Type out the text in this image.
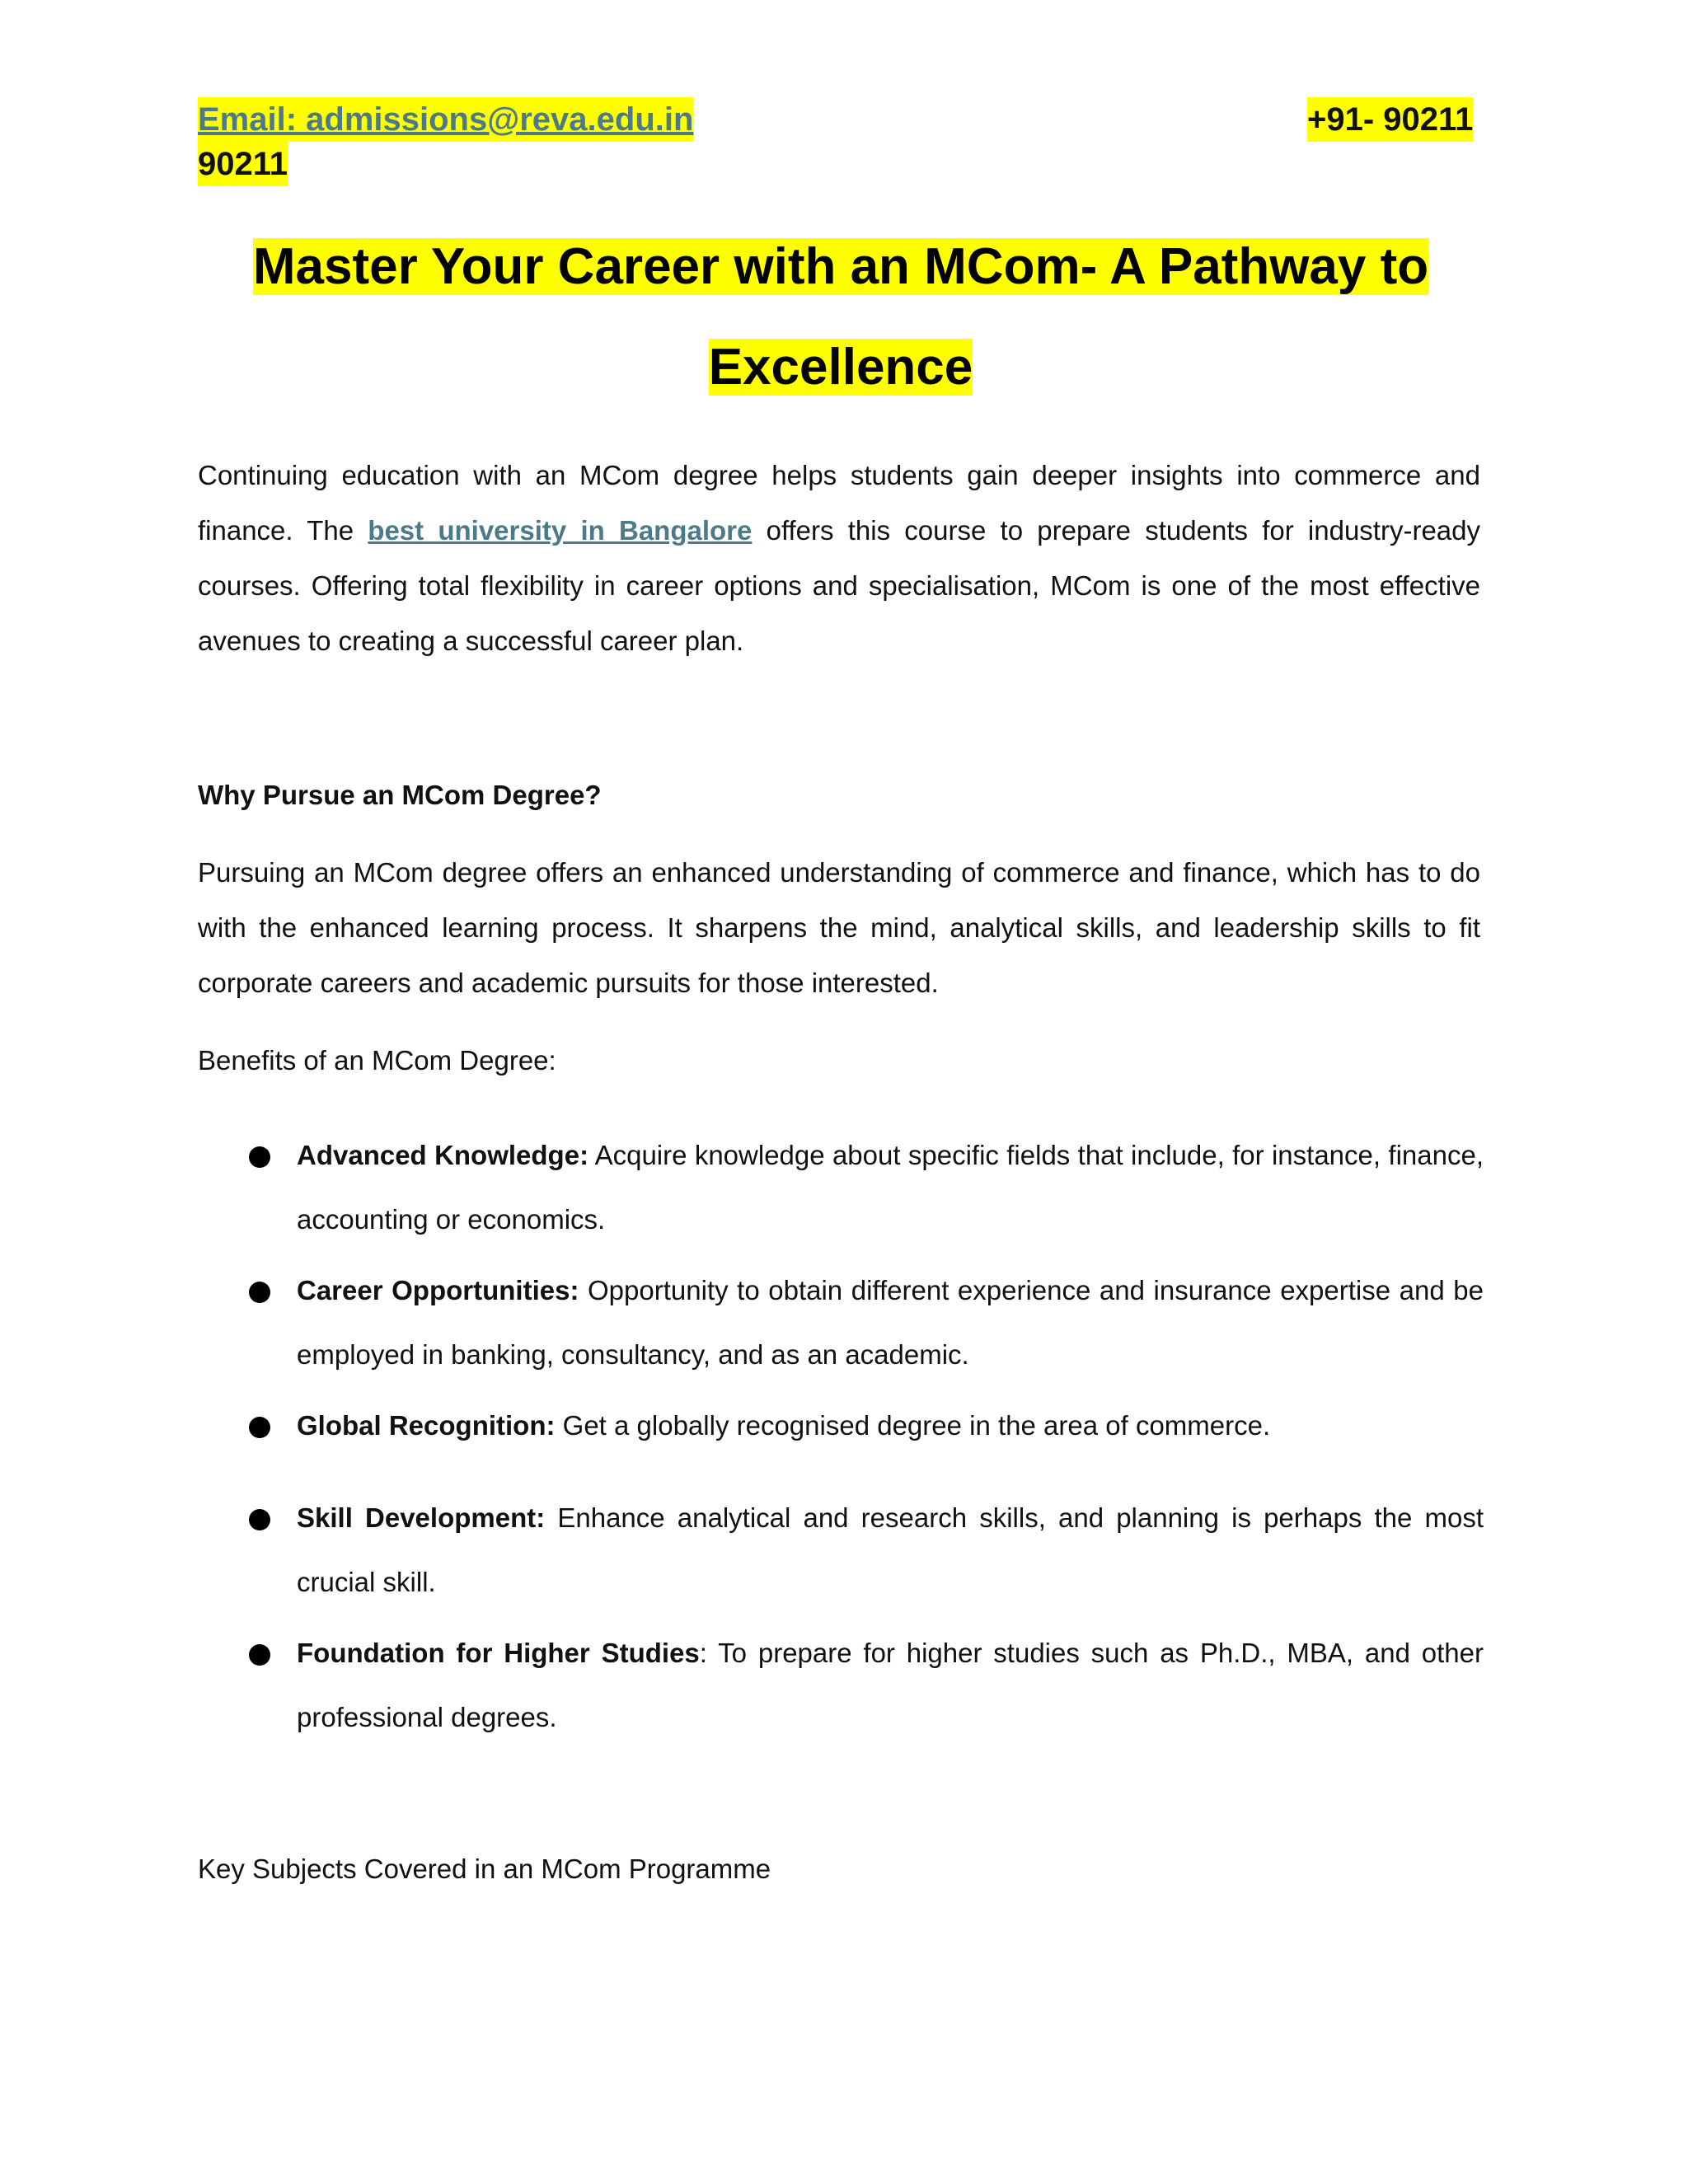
Email: admissions@reva.edu.in	+91- 90211
90211
Master Your Career with an MCom- A Pathway to
Excellence

Continuing education with an MCom degree helps students gain deeper insights into commerce and finance. The best university in Bangalore offers this course to prepare students for industry-ready courses. Offering total flexibility in career options and specialisation, MCom is one of the most effective avenues to creating a successful career plan.

Why Pursue an MCom Degree?

Pursuing an MCom degree offers an enhanced understanding of commerce and finance, which has to do with the enhanced learning process. It sharpens the mind, analytical skills, and leadership skills to fit corporate careers and academic pursuits for those interested.

Benefits of an MCom Degree:
Advanced Knowledge: Acquire knowledge about specific fields that include, for instance, finance, accounting or economics.
Career Opportunities: Opportunity to obtain different experience and insurance expertise and be employed in banking, consultancy, and as an academic.
Global Recognition: Get a globally recognised degree in the area of commerce.
Skill Development: Enhance analytical and research skills, and planning is perhaps the most crucial skill.
Foundation for Higher Studies: To prepare for higher studies such as Ph.D., MBA, and other professional degrees.
Key Subjects Covered in an MCom Programme
